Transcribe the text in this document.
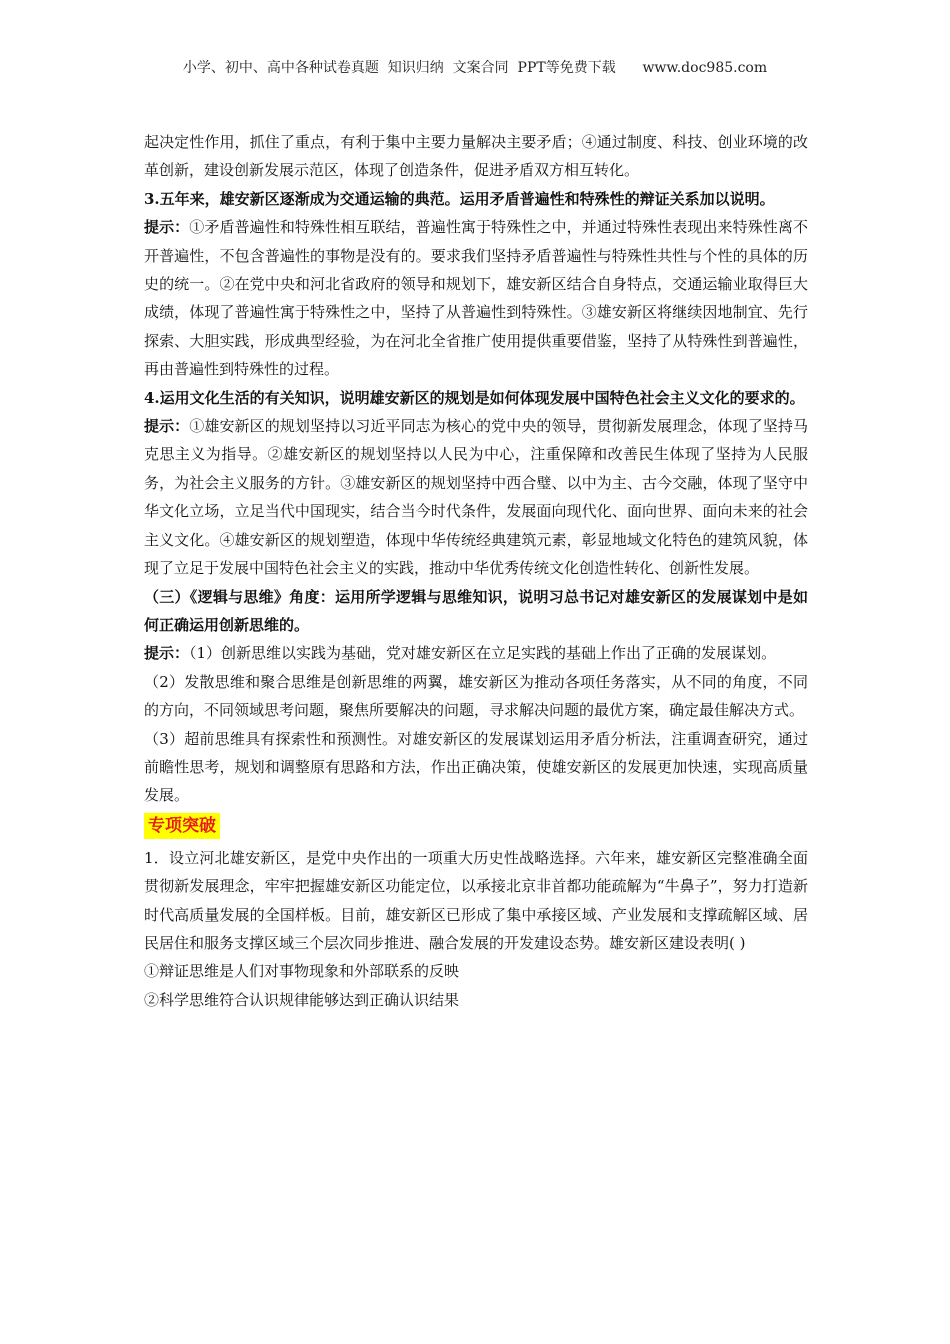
小学、初中、高中各种试卷真题  知识归纳  文案合同  PPT等免费下载      www.doc985.com

起决定性作用，抓住了重点，有利于集中主要力量解决主要矛盾；④通过制度、科技、创业环境的改革创新，建设创新发展示范区，体现了创造条件，促进矛盾双方相互转化。

3.五年来，雄安新区逐渐成为交通运输的典范。运用矛盾普遍性和特殊性的辩证关系加以说明。

提示：①矛盾普遍性和特殊性相互联结，普遍性寓于特殊性之中，并通过特殊性表现出来特殊性离不开普遍性，不包含普遍性的事物是没有的。要求我们坚持矛盾普遍性与特殊性共性与个性的具体的历史的统一。②在党中央和河北省政府的领导和规划下，雄安新区结合自身特点，交通运输业取得巨大成绩，体现了普遍性寓于特殊性之中，坚持了从普遍性到特殊性。③雄安新区将继续因地制宜、先行探索、大胆实践，形成典型经验，为在河北全省推广使用提供重要借鉴，坚持了从特殊性到普遍性，再由普遍性到特殊性的过程。

4.运用文化生活的有关知识，说明雄安新区的规划是如何体现发展中国特色社会主义文化的要求的。

提示：①雄安新区的规划坚持以习近平同志为核心的党中央的领导，贯彻新发展理念，体现了坚持马克思主义为指导。②雄安新区的规划坚持以人民为中心，注重保障和改善民生体现了坚持为人民服务，为社会主义服务的方针。③雄安新区的规划坚持中西合璧、以中为主、古今交融，体现了坚守中华文化立场，立足当代中国现实，结合当今时代条件，发展面向现代化、面向世界、面向未来的社会主义文化。④雄安新区的规划塑造，体现中华传统经典建筑元素，彰显地域文化特色的建筑风貌，体现了立足于发展中国特色社会主义的实践，推动中华优秀传统文化创造性转化、创新性发展。

（三）《逻辑与思维》角度：运用所学逻辑与思维知识，说明习总书记对雄安新区的发展谋划中是如何正确运用创新思维的。

提示：（1）创新思维以实践为基础，党对雄安新区在立足实践的基础上作出了正确的发展谋划。

（2）发散思维和聚合思维是创新思维的两翼，雄安新区为推动各项任务落实，从不同的角度，不同的方向，不同领域思考问题，聚焦所要解决的问题，寻求解决问题的最优方案，确定最佳解决方式。

（3）超前思维具有探索性和预测性。对雄安新区的发展谋划运用矛盾分析法，注重调查研究，通过前瞻性思考，规划和调整原有思路和方法，作出正确决策，使雄安新区的发展更加快速，实现高质量发展。

专项突破

1．设立河北雄安新区，是党中央作出的一项重大历史性战略选择。六年来，雄安新区完整准确全面贯彻新发展理念，牢牢把握雄安新区功能定位，以承接北京非首都功能疏解为“牛鼻子”，努力打造新时代高质量发展的全国样板。目前，雄安新区已形成了集中承接区域、产业发展和支撑疏解区域、居民居住和服务支撑区域三个层次同步推进、融合发展的开发建设态势。雄安新区建设表明( )

①辩证思维是人们对事物现象和外部联系的反映

②科学思维符合认识规律能够达到正确认识结果
